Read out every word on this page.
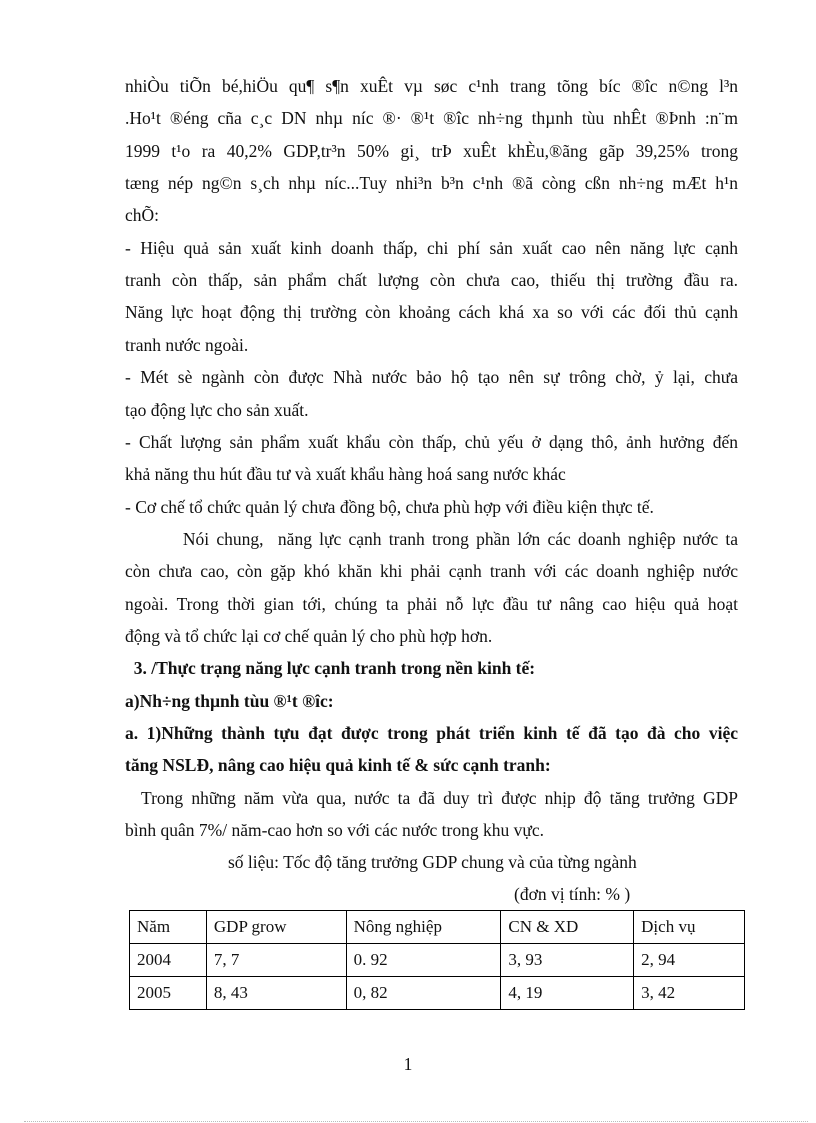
nhiÒu tiÕn bé,hiÖu qu¶ s¶n xuÊt vµ søc c¹nh trang tõng bíc ®îc n©ng l³n
.Ho¹t ®éng cña c¸c DN nhµ níc ®· ®¹t ®îc nh÷ng thµnh tùu nhÊt ®Þnh :n¨m
1999 t¹o ra 40,2% GDP,tr³n 50% gi¸ trÞ xuÊt khÈu,®ãng gãp 39,25% trong
tæng nép ng©n s¸ch nhµ níc...Tuy nhi³n b³n c¹nh ®ã còng cßn nh÷ng mÆt h¹n
chÕ:
- Hiệu quả sản xuất kinh doanh thấp, chi phí sản xuất cao nên năng lực cạnh
tranh còn thấp, sản phẩm chất lượng còn chưa cao, thiếu thị trường đầu ra.
Năng lực hoạt động thị trường còn khoảng cách khá xa so với các đối thủ cạnh
tranh nước ngoài.
- Mét sè ngành còn được Nhà nước bảo hộ tạo nên sự trông chờ, ỷ lại, chưa
tạo động lực cho sản xuất.
- Chất lượng sản phẩm xuất khẩu còn thấp, chủ yếu ở dạng thô, ảnh hưởng đến
khả năng thu hút đầu tư và xuất khẩu hàng hoá sang nước khác
- Cơ chế tổ chức quản lý chưa đồng bộ, chưa phù hợp với điều kiện thực tế.
Nói chung,  năng lực cạnh tranh trong phần lớn các doanh nghiệp nước ta
còn chưa cao, còn gặp khó khăn khi phải cạnh tranh với các doanh nghiệp nước
ngoài. Trong thời gian tới, chúng ta phải nỗ lực đầu tư nâng cao hiệu quả hoạt
động và tổ chức lại cơ chế quản lý cho phù hợp hơn.
3. /Thực trạng năng lực cạnh tranh trong nền kinh tế:
a)Nh÷ng thµnh tùu ®¹t ®îc:
a. 1)Những thành tựu đạt được trong phát triển kinh tế đã tạo đà cho việc
tăng NSLĐ, nâng cao hiệu quả kinh tế & sức cạnh tranh:
Trong những năm vừa qua, nước ta đã duy trì được nhịp độ tăng trưởng GDP
bình quân 7%/ năm-cao hơn so với các nước trong khu vực.
số liệu: Tốc độ tăng trưởng GDP chung và của từng ngành
(đơn vị tính: % )
Năm	GDP grow	Nông nghiệp	CN & XD	Dịch vụ
2004	7, 7	0. 92	3, 93	2, 94
2005	8, 43	0, 82	4, 19	3, 42
1
